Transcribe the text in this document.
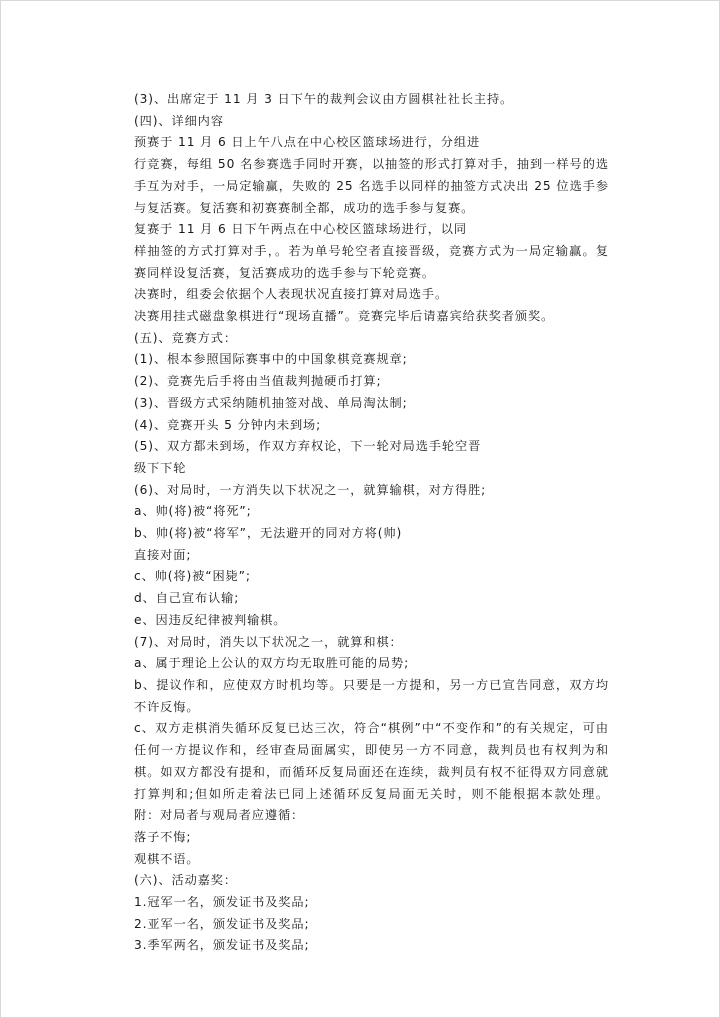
(3)、出席定于 11 月 3 日下午的裁判会议由方圆棋社社长主持。

(四)、详细内容

预赛于 11 月 6 日上午八点在中心校区篮球场进行，分组进

行竞赛，每组 50 名参赛选手同时开赛，以抽签的形式打算对手，抽到一样号的选手互为对手，一局定输赢，失败的 25 名选手以同样的抽签方式决出 25 位选手参与复活赛。复活赛和初赛赛制全都，成功的选手参与复赛。

复赛于 11 月 6 日下午两点在中心校区篮球场进行，以同

样抽签的方式打算对手，。若为单号轮空者直接晋级，竞赛方式为一局定输赢。复赛同样设复活赛，复活赛成功的选手参与下轮竞赛。

决赛时，组委会依据个人表现状况直接打算对局选手。

决赛用挂式磁盘象棋进行“现场直播”。竞赛完毕后请嘉宾给获奖者颁奖。

(五)、竞赛方式：

(1)、根本参照国际赛事中的中国象棋竞赛规章;

(2)、竞赛先后手将由当值裁判抛硬币打算;

(3)、晋级方式采纳随机抽签对战、单局淘汰制;

(4)、竞赛开头 5 分钟内未到场;

(5)、双方都未到场，作双方弃权论，下一轮对局选手轮空晋

级下下轮

(6)、对局时，一方消失以下状况之一，就算输棋，对方得胜;

a、帅(将)被“将死”;

b、帅(将)被“将军”，无法避开的同对方将(帅)

直接对面;

c、帅(将)被“困毙”;

d、自己宣布认输;

e、因违反纪律被判输棋。

(7)、对局时，消失以下状况之一，就算和棋：

a、属于理论上公认的双方均无取胜可能的局势;

b、提议作和，应使双方时机均等。只要是一方提和，另一方已宣告同意，双方均不许反悔。

c、双方走棋消失循环反复已达三次，符合“棋例”中“不变作和”的有关规定，可由任何一方提议作和，经审查局面属实，即使另一方不同意，裁判员也有权判为和棋。如双方都没有提和，而循环反复局面还在连续，裁判员有权不征得双方同意就打算判和;但如所走着法已同上述循环反复局面无关时，则不能根据本款处理。附：对局者与观局者应遵循：

落子不悔;

观棋不语。

(六)、活动嘉奖：

1.冠军一名，颁发证书及奖品;

2.亚军一名，颁发证书及奖品;

3.季军两名，颁发证书及奖品;
